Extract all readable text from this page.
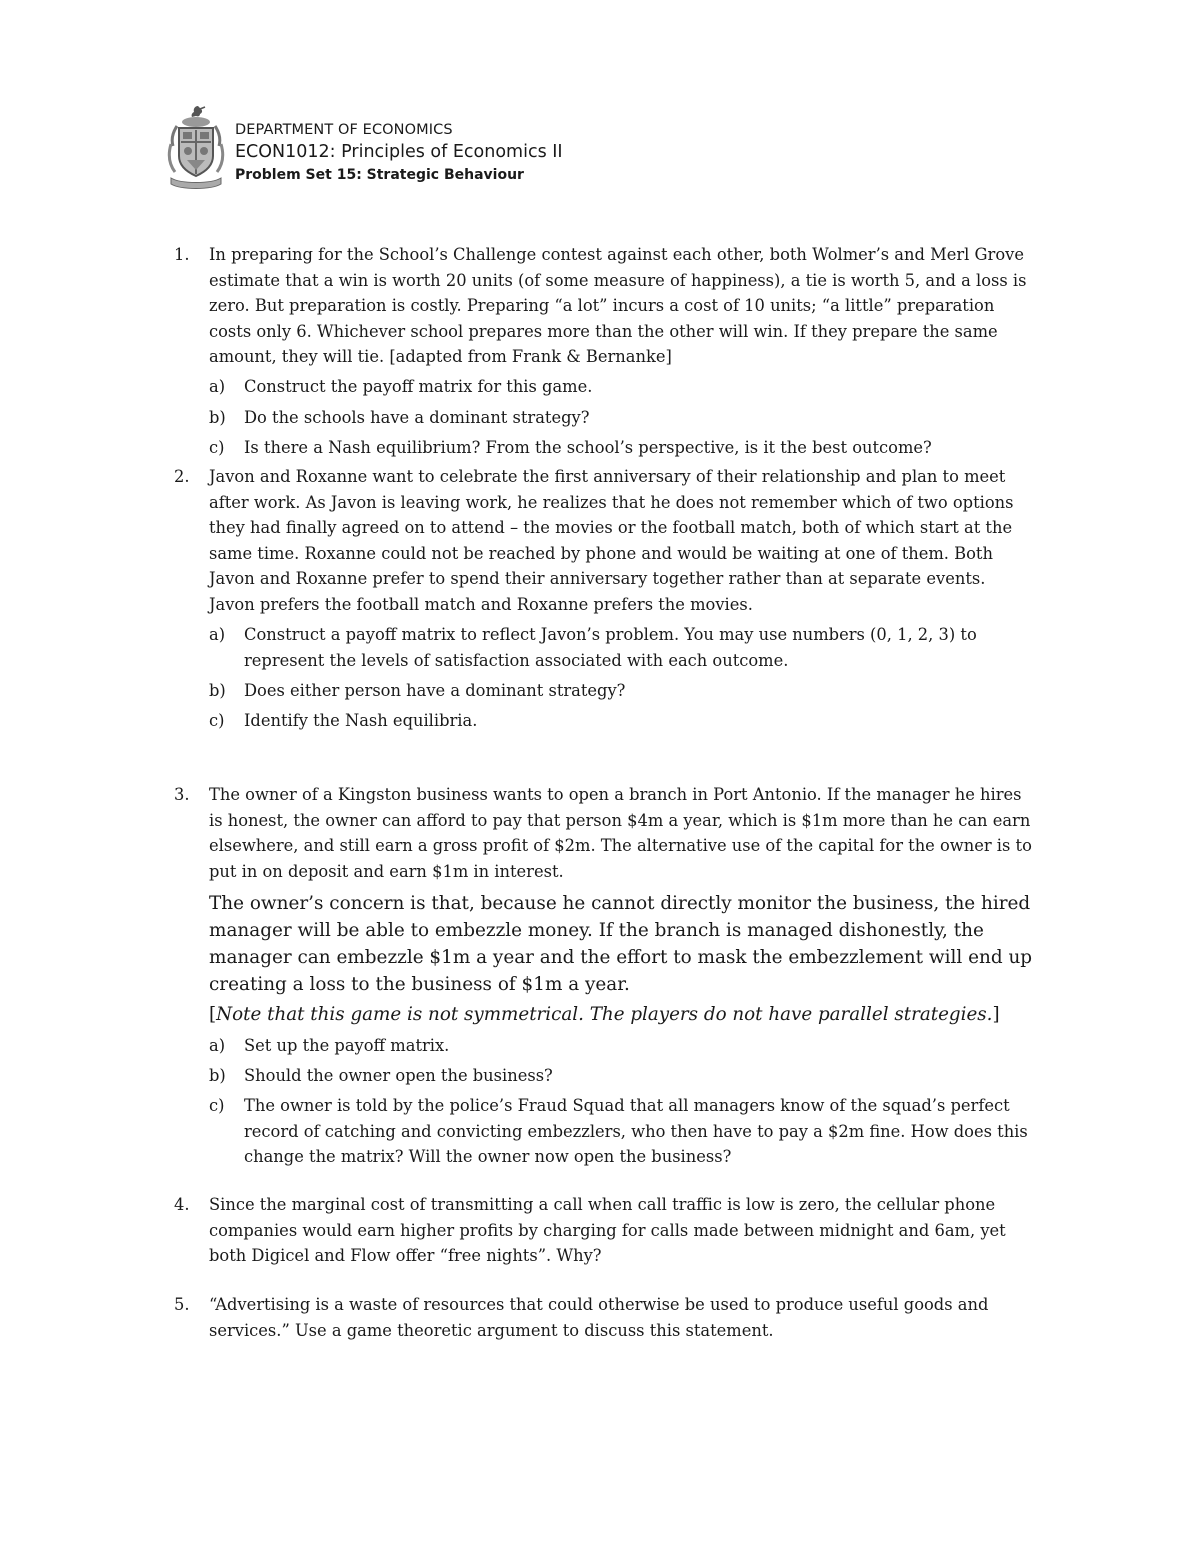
DEPARTMENT OF ECONOMICS
ECON1012: Principles of Economics II
Problem Set 15: Strategic Behaviour
1. In preparing for the School’s Challenge contest against each other, both Wolmer’s and Merl Grove estimate that a win is worth 20 units (of some measure of happiness), a tie is worth 5, and a loss is zero. But preparation is costly. Preparing “a lot” incurs a cost of 10 units; “a little” preparation costs only 6. Whichever school prepares more than the other will win. If they prepare the same amount, they will tie. [adapted from Frank & Bernanke]

a) Construct the payoff matrix for this game.
b) Do the schools have a dominant strategy?
c) Is there a Nash equilibrium? From the school’s perspective, is it the best outcome?
2. Javon and Roxanne want to celebrate the first anniversary of their relationship and plan to meet after work. As Javon is leaving work, he realizes that he does not remember which of two options they had finally agreed on to attend – the movies or the football match, both of which start at the same time. Roxanne could not be reached by phone and would be waiting at one of them. Both Javon and Roxanne prefer to spend their anniversary together rather than at separate events. Javon prefers the football match and Roxanne prefers the movies.

a) Construct a payoff matrix to reflect Javon’s problem. You may use numbers (0, 1, 2, 3) to represent the levels of satisfaction associated with each outcome.
b) Does either person have a dominant strategy?
c) Identify the Nash equilibria.
3. The owner of a Kingston business wants to open a branch in Port Antonio. If the manager he hires is honest, the owner can afford to pay that person $4m a year, which is $1m more than he can earn elsewhere, and still earn a gross profit of $2m. The alternative use of the capital for the owner is to put in on deposit and earn $1m in interest.

The owner’s concern is that, because he cannot directly monitor the business, the hired manager will be able to embezzle money. If the branch is managed dishonestly, the manager can embezzle $1m a year and the effort to mask the embezzlement will end up creating a loss to the business of $1m a year.

[Note that this game is not symmetrical. The players do not have parallel strategies.]

a) Set up the payoff matrix.
b) Should the owner open the business?
c) The owner is told by the police’s Fraud Squad that all managers know of the squad’s perfect record of catching and convicting embezzlers, who then have to pay a $2m fine. How does this change the matrix? Will the owner now open the business?
4. Since the marginal cost of transmitting a call when call traffic is low is zero, the cellular phone companies would earn higher profits by charging for calls made between midnight and 6am, yet both Digicel and Flow offer “free nights”. Why?

5. “Advertising is a waste of resources that could otherwise be used to produce useful goods and services.” Use a game theoretic argument to discuss this statement.
